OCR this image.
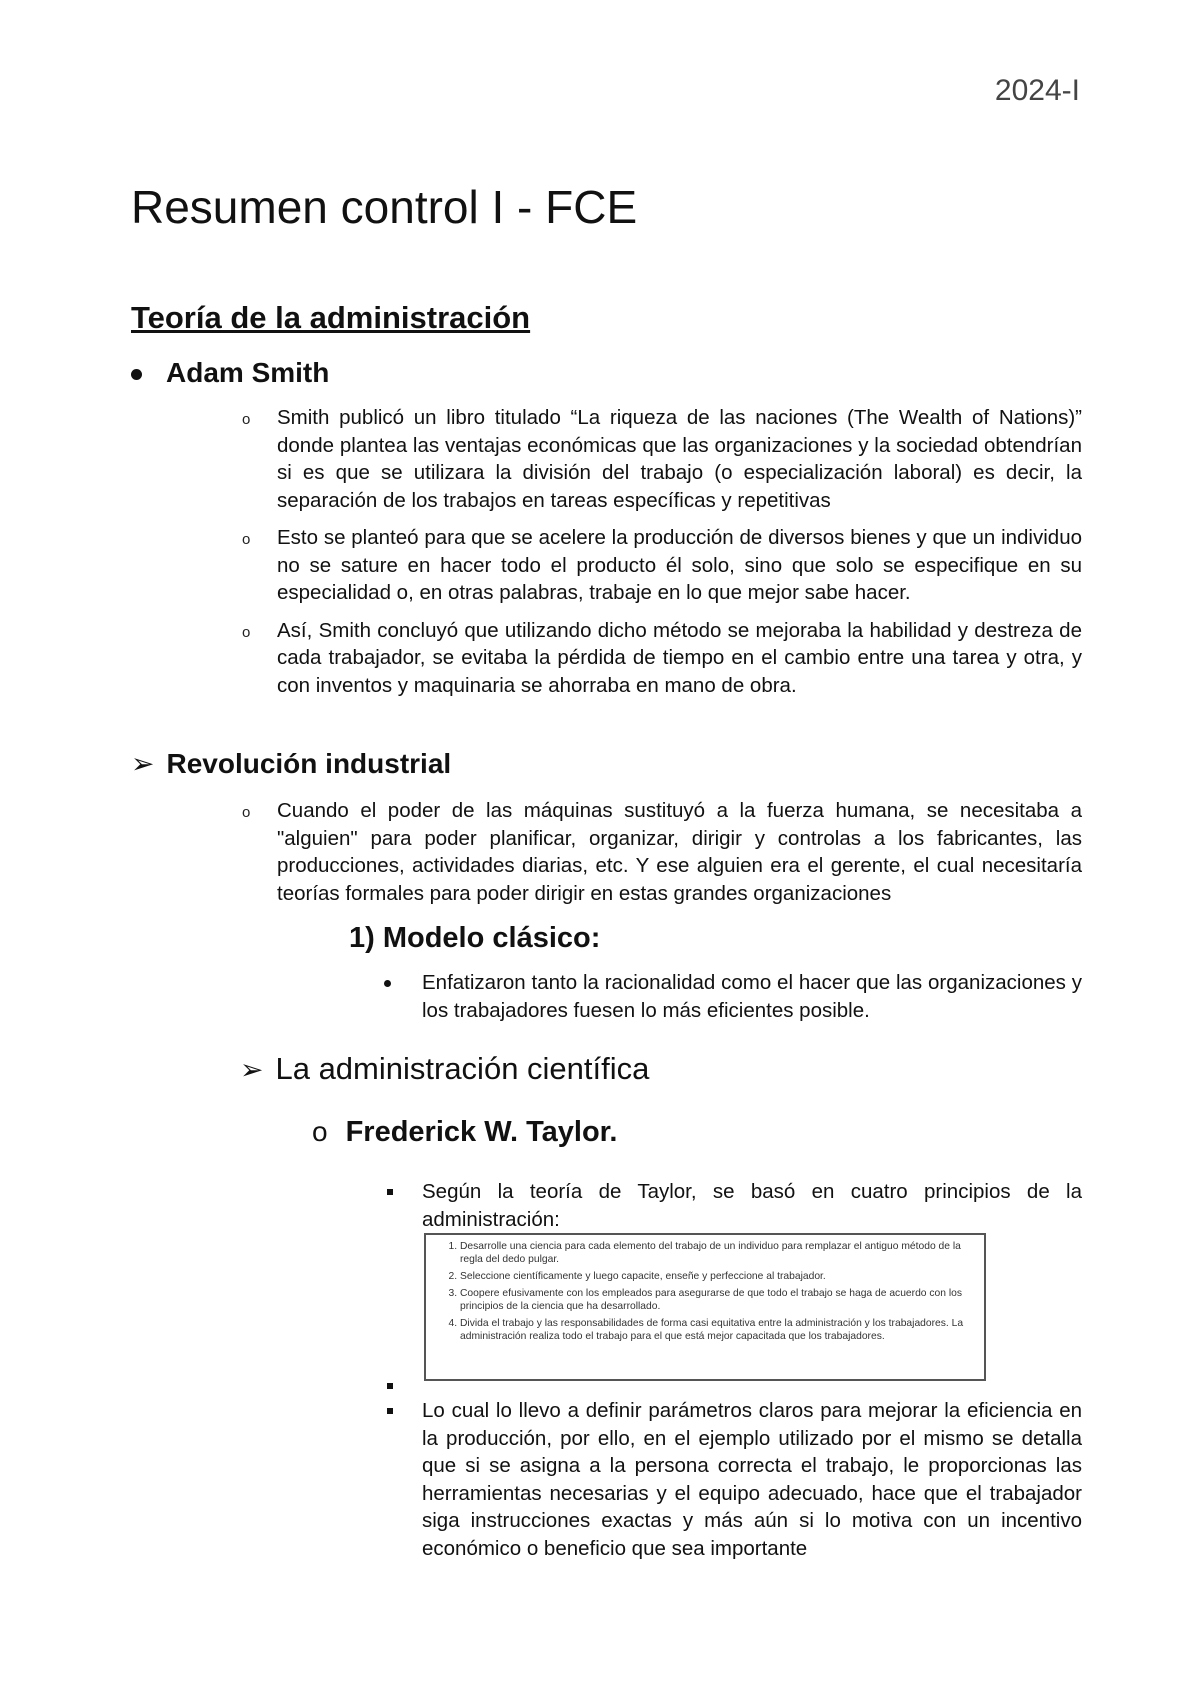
2024-I
Resumen control I - FCE
Teoría de la administración
Adam Smith
o Smith publicó un libro titulado “La riqueza de las naciones (The Wealth of Nations)” donde plantea las ventajas económicas que las organizaciones y la sociedad obtendrían si es que se utilizara la división del trabajo (o especialización laboral) es decir, la separación de los trabajos en tareas específicas y repetitivas
o Esto se planteó para que se acelere la producción de diversos bienes y que un individuo no se sature en hacer todo el producto él solo, sino que solo se especifique en su especialidad o, en otras palabras, trabaje en lo que mejor sabe hacer.
o Así, Smith concluyó que utilizando dicho método se mejoraba la habilidad y destreza de cada trabajador, se evitaba la pérdida de tiempo en el cambio entre una tarea y otra, y con inventos y maquinaria se ahorraba en mano de obra.
➢ Revolución industrial
o Cuando el poder de las máquinas sustituyó a la fuerza humana, se necesitaba a "alguien" para poder planificar, organizar, dirigir y controlas a los fabricantes, las producciones, actividades diarias, etc. Y ese alguien era el gerente, el cual necesitaría teorías formales para poder dirigir en estas grandes organizaciones
1) Modelo clásico:
Enfatizaron tanto la racionalidad como el hacer que las organizaciones y los trabajadores fuesen lo más eficientes posible.
➢ La administración científica
o Frederick W. Taylor.
Según la teoría de Taylor, se basó en cuatro principios de la administración:
1. Desarrolle una ciencia para cada elemento del trabajo de un individuo para remplazar el antiguo método de la regla del dedo pulgar.
2. Seleccione científicamente y luego capacite, enseñe y perfeccione al trabajador.
3. Coopere efusivamente con los empleados para asegurarse de que todo el trabajo se haga de acuerdo con los principios de la ciencia que ha desarrollado.
4. Divida el trabajo y las responsabilidades de forma casi equitativa entre la administración y los trabajadores. La administración realiza todo el trabajo para el que está mejor capacitada que los trabajadores.

Lo cual lo llevo a definir parámetros claros para mejorar la eficiencia en la producción, por ello, en el ejemplo utilizado por el mismo se detalla que si se asigna a la persona correcta el trabajo, le proporcionas las herramientas necesarias y el equipo adecuado, hace que el trabajador siga instrucciones exactas y más aún si lo motiva con un incentivo económico o beneficio que sea importante
